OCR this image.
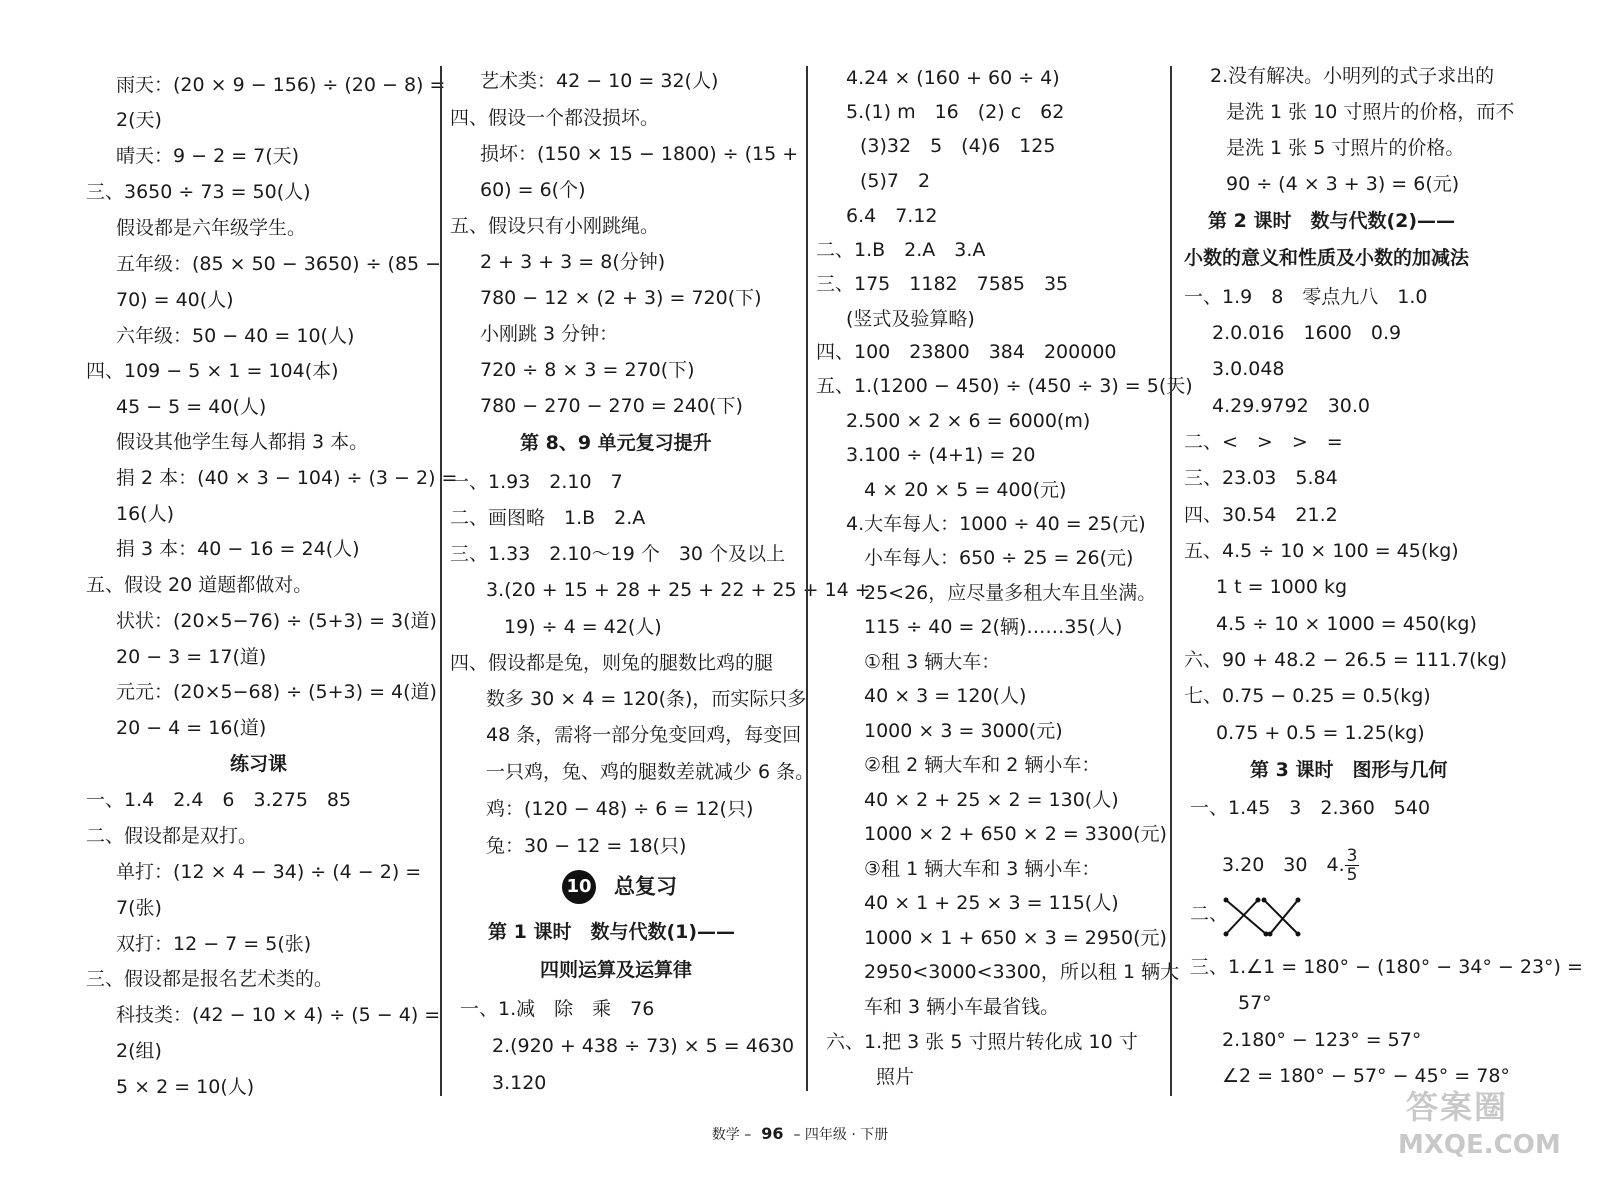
雨天：(20 × 9 − 156) ÷ (20 − 8) =
2(天)
晴天：9 − 2 = 7(天)
三、3650 ÷ 73 = 50(人)
假设都是六年级学生。
五年级：(85 × 50 − 3650) ÷ (85 −
70) = 40(人)
六年级：50 − 40 = 10(人)
四、109 − 5 × 1 = 104(本)
45 − 5 = 40(人)
假设其他学生每人都捐 3 本。
捐 2 本：(40 × 3 − 104) ÷ (3 − 2) =
16(人)
捐 3 本：40 − 16 = 24(人)
五、假设 20 道题都做对。
状状：(20×5−76) ÷ (5+3) = 3(道)
20 − 3 = 17(道)
元元：(20×5−68) ÷ (5+3) = 4(道)
20 − 4 = 16(道)
练习课
一、1.4　2.4　6　3.275　85
二、假设都是双打。
单打：(12 × 4 − 34) ÷ (4 − 2) =
7(张)
双打：12 − 7 = 5(张)
三、假设都是报名艺术类的。
科技类：(42 − 10 × 4) ÷ (5 − 4) =
2(组)
5 × 2 = 10(人)
艺术类：42 − 10 = 32(人)
四、假设一个都没损坏。
损坏：(150 × 15 − 1800) ÷ (15 +
60) = 6(个)
五、假设只有小刚跳绳。
2 + 3 + 3 = 8(分钟)
780 − 12 × (2 + 3) = 720(下)
小刚跳 3 分钟：
720 ÷ 8 × 3 = 270(下)
780 − 270 − 270 = 240(下)
第 8、9 单元复习提升
一、1.93　2.10　7
二、画图略　1.B　2.A
三、1.33　2.10～19 个　30 个及以上
3.(20 + 15 + 28 + 25 + 22 + 25 + 14 +
19) ÷ 4 = 42(人)
四、假设都是兔，则兔的腿数比鸡的腿
数多 30 × 4 = 120(条)，而实际只多
48 条，需将一部分兔变回鸡，每变回
一只鸡，兔、鸡的腿数差就减少 6 条。
鸡：(120 − 48) ÷ 6 = 12(只)
兔：30 − 12 = 18(只)
10 总复习
第 1 课时　数与代数(1)——
四则运算及运算律
一、1.减　除　乘　76
2.(920 + 438 ÷ 73) × 5 = 4630
3.120
4.24 × (160 + 60 ÷ 4)
5.(1) m　16　(2) c　62
(3)32　5　(4)6　125
(5)7　2
6.4　7.12
二、1.B　2.A　3.A
三、175　1182　7585　35
(竖式及验算略)
四、100　23800　384　200000
五、1.(1200 − 450) ÷ (450 ÷ 3) = 5(天)
2.500 × 2 × 6 = 6000(m)
3.100 ÷ (4+1) = 20
4 × 20 × 5 = 400(元)
4.大车每人：1000 ÷ 40 = 25(元)
小车每人：650 ÷ 25 = 26(元)
25<26，应尽量多租大车且坐满。
115 ÷ 40 = 2(辆)……35(人)
①租 3 辆大车：
40 × 3 = 120(人)
1000 × 3 = 3000(元)
②租 2 辆大车和 2 辆小车：
40 × 2 + 25 × 2 = 130(人)
1000 × 2 + 650 × 2 = 3300(元)
③租 1 辆大车和 3 辆小车：
40 × 1 + 25 × 3 = 115(人)
1000 × 1 + 650 × 3 = 2950(元)
2950<3000<3300，所以租 1 辆大
车和 3 辆小车最省钱。
六、1.把 3 张 5 寸照片转化成 10 寸
照片
2.没有解决。小明列的式子求出的
是洗 1 张 10 寸照片的价格，而不
是洗 1 张 5 寸照片的价格。
90 ÷ (4 × 3 + 3) = 6(元)
第 2 课时　数与代数(2)——
小数的意义和性质及小数的加减法
一、1.9　8　零点九八　1.0
2.0.016　1600　0.9
3.0.048
4.29.9792　30.0
二、<　>　>　=
三、23.03　5.84
四、30.54　21.2
五、4.5 ÷ 10 × 100 = 45(kg)
1 t = 1000 kg
4.5 ÷ 10 × 1000 = 450(kg)
六、90 + 48.2 − 26.5 = 111.7(kg)
七、0.75 − 0.25 = 0.5(kg)
0.75 + 0.5 = 1.25(kg)
第 3 课时　图形与几何
一、1.45　3　2.360　540
3.20　30　4. $\frac{3}{5}$
二、
三、1.∠1 = 180° − (180° − 34° − 23°) =
57°
2.180° − 123° = 57°
∠2 = 180° − 57° − 45° = 78°
数学 – 96 – 四年级 · 下册
答案圈
MXQE.COM
